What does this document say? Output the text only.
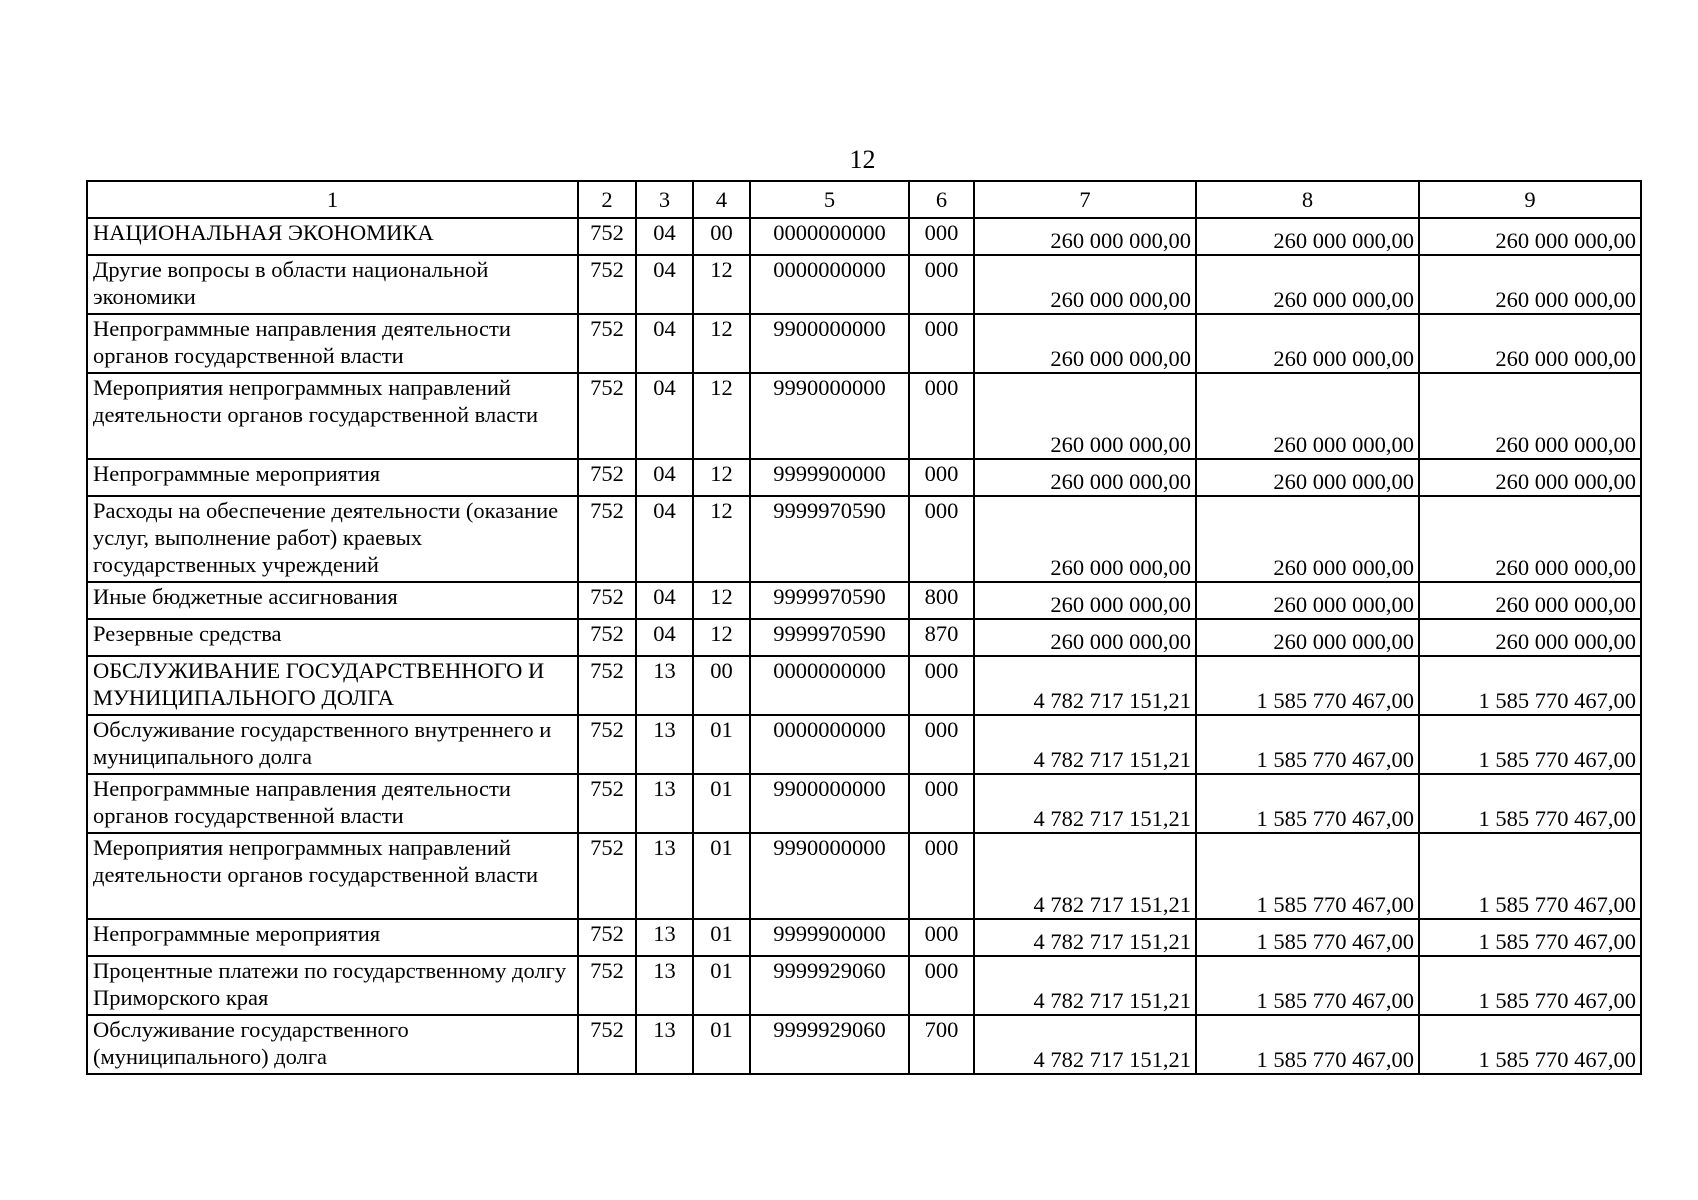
12
1	2	3	4	5	6	7	8	9
НАЦИОНАЛЬНАЯ ЭКОНОМИКА	752	04	00	0000000000	000	260 000 000,00	260 000 000,00	260 000 000,00
Другие вопросы в области национальной экономики	752	04	12	0000000000	000	260 000 000,00	260 000 000,00	260 000 000,00
Непрограммные направления деятельности органов государственной власти	752	04	12	9900000000	000	260 000 000,00	260 000 000,00	260 000 000,00
Мероприятия непрограммных направлений деятельности органов государственной власти	752	04	12	9990000000	000	260 000 000,00	260 000 000,00	260 000 000,00
Непрограммные мероприятия	752	04	12	9999900000	000	260 000 000,00	260 000 000,00	260 000 000,00
Расходы на обеспечение деятельности (оказание услуг, выполнение работ) краевых государственных учреждений	752	04	12	9999970590	000	260 000 000,00	260 000 000,00	260 000 000,00
Иные бюджетные ассигнования	752	04	12	9999970590	800	260 000 000,00	260 000 000,00	260 000 000,00
Резервные средства	752	04	12	9999970590	870	260 000 000,00	260 000 000,00	260 000 000,00
ОБСЛУЖИВАНИЕ ГОСУДАРСТВЕННОГО И МУНИЦИПАЛЬНОГО ДОЛГА	752	13	00	0000000000	000	4 782 717 151,21	1 585 770 467,00	1 585 770 467,00
Обслуживание государственного внутреннего и муниципального долга	752	13	01	0000000000	000	4 782 717 151,21	1 585 770 467,00	1 585 770 467,00
Непрограммные направления деятельности органов государственной власти	752	13	01	9900000000	000	4 782 717 151,21	1 585 770 467,00	1 585 770 467,00
Мероприятия непрограммных направлений деятельности органов государственной власти	752	13	01	9990000000	000	4 782 717 151,21	1 585 770 467,00	1 585 770 467,00
Непрограммные мероприятия	752	13	01	9999900000	000	4 782 717 151,21	1 585 770 467,00	1 585 770 467,00
Процентные платежи по государственному долгу Приморского края	752	13	01	9999929060	000	4 782 717 151,21	1 585 770 467,00	1 585 770 467,00
Обслуживание государственного (муниципального) долга	752	13	01	9999929060	700	4 782 717 151,21	1 585 770 467,00	1 585 770 467,00
